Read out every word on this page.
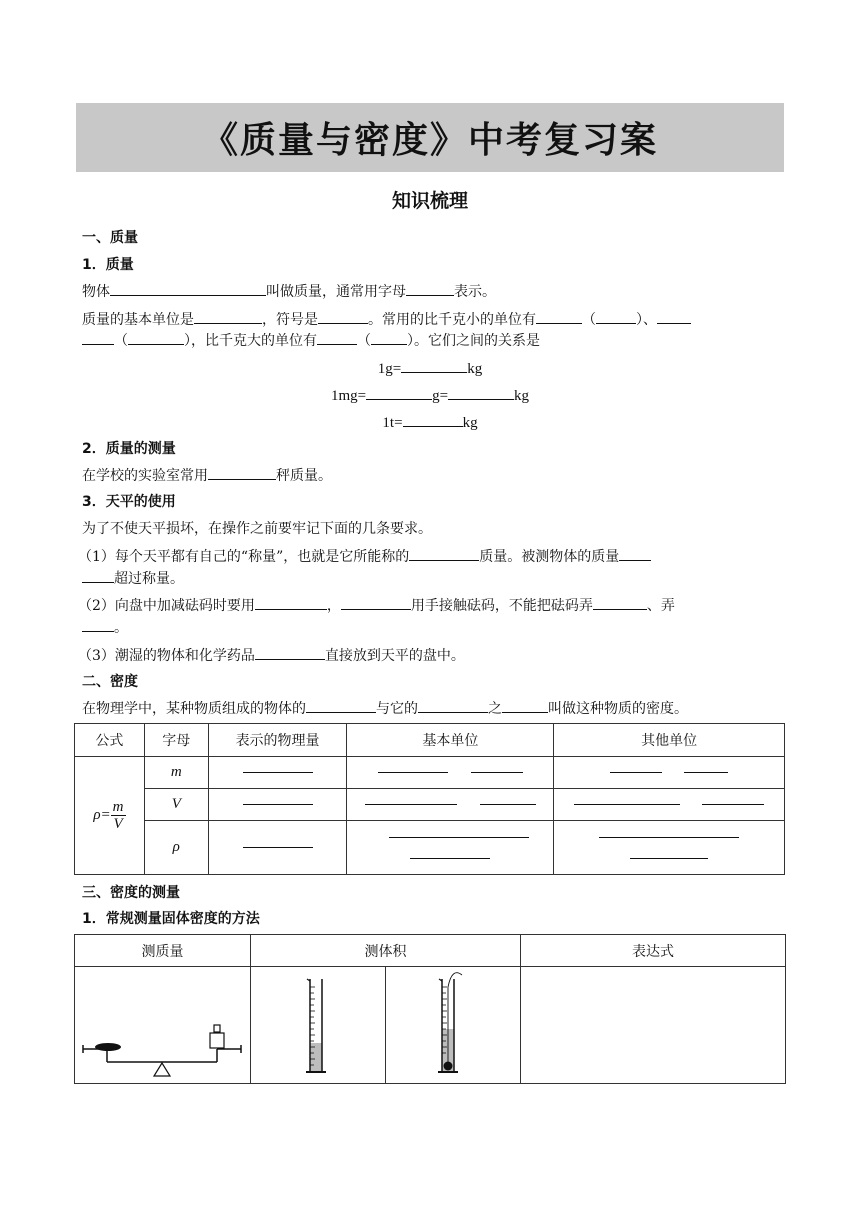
《质量与密度》中考复习案
知识梳理
一、质量
1．质量
物体	叫做质量，通常用字母	表示。
质量的基本单位是	，符号是	。常用的比千克小的单位有	（	）、
（	），比千克大的单位有	（	）。它们之间的关系是
1g=	kg
1mg=	g=	kg
1t=	kg
2．质量的测量
在学校的实验室常用	秤质量。
3．天平的使用
为了不使天平损坏，在操作之前要牢记下面的几条要求。
（1）每个天平都有自己的“称量”，也就是它所能称的	质量。被测物体的质量
超过称量。
（2）向盘中加减砝码时要用	，	用手接触砝码，不能把砝码弄	、弄
。
（3）潮湿的物体和化学药品	直接放到天平的盘中。
二、密度
在物理学中，某种物质组成的物体的	与它的	之	叫做这种物质的密度。
公式	字母	表示的物理量	基本单位	其他单位

$\rho= \frac{m}{V}$	m			
	V			
	ρ		

三、密度的测量
1．常规测量固体密度的方法
测质量	测体积		表达式
